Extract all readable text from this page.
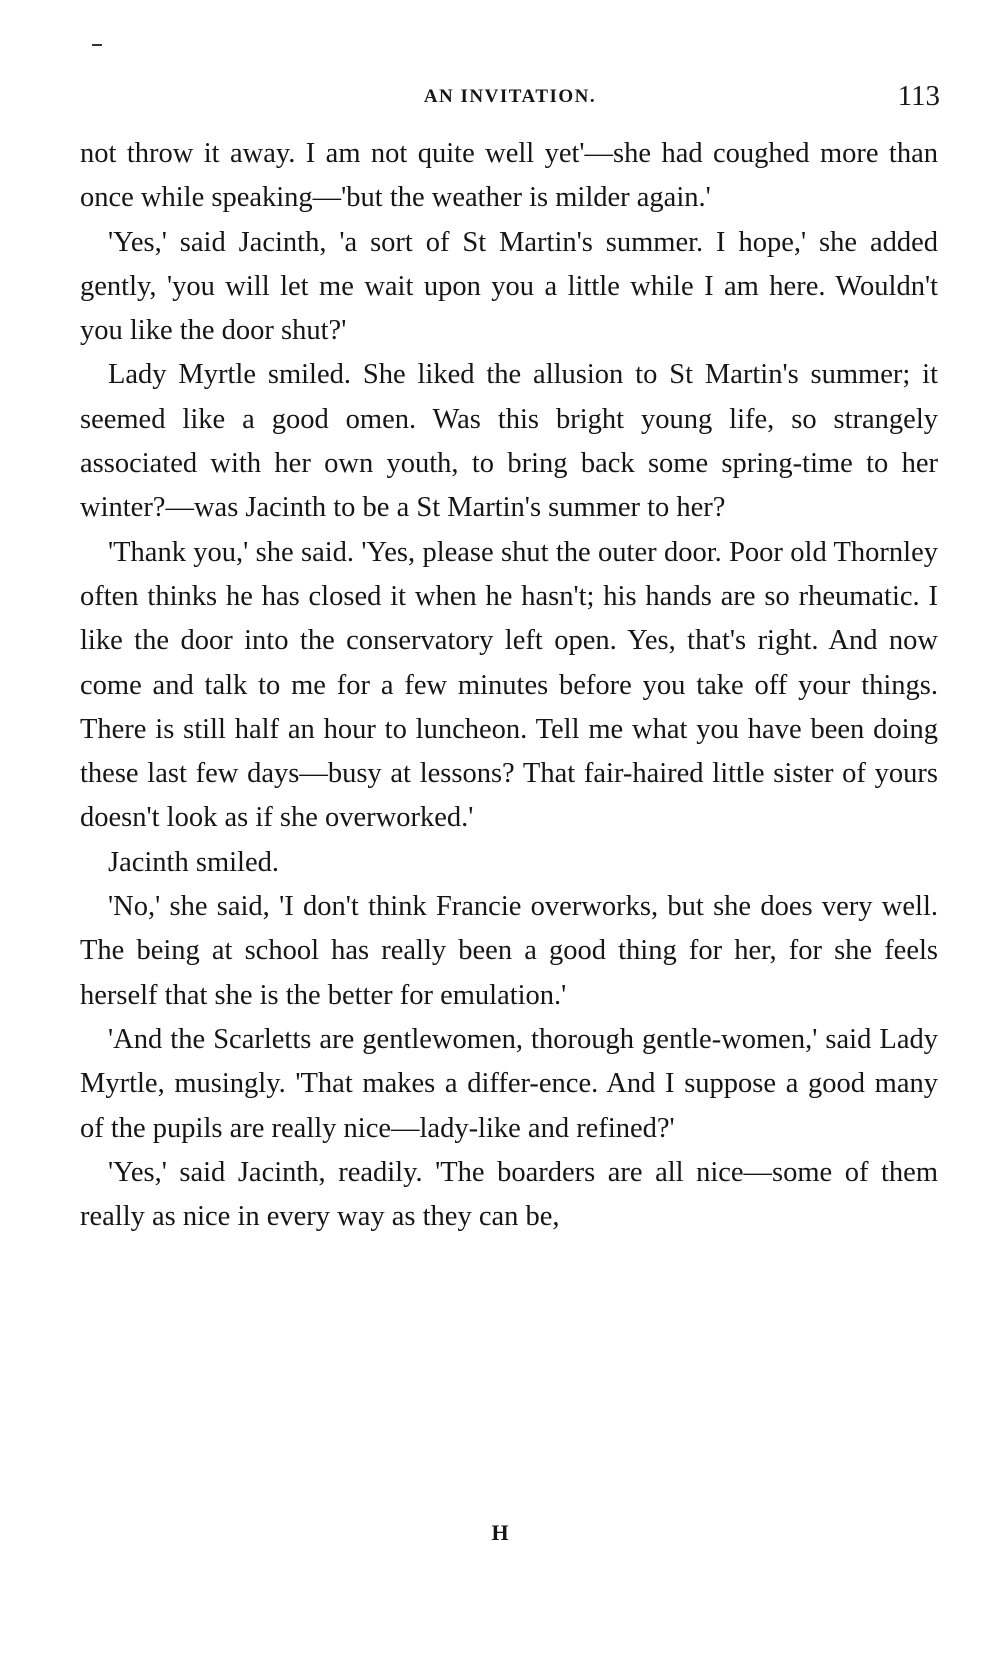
AN INVITATION.	113

not throw it away. I am not quite well yet'—she had coughed more than once while speaking—'but the weather is milder again.'

'Yes,' said Jacinth, 'a sort of St Martin's summer. I hope,' she added gently, 'you will let me wait upon you a little while I am here. Wouldn't you like the door shut?'

Lady Myrtle smiled. She liked the allusion to St Martin's summer; it seemed like a good omen. Was this bright young life, so strangely associated with her own youth, to bring back some spring-time to her winter?—was Jacinth to be a St Martin's summer to her?

'Thank you,' she said. 'Yes, please shut the outer door. Poor old Thornley often thinks he has closed it when he hasn't; his hands are so rheumatic. I like the door into the conservatory left open. Yes, that's right. And now come and talk to me for a few minutes before you take off your things. There is still half an hour to luncheon. Tell me what you have been doing these last few days—busy at lessons? That fair-haired little sister of yours doesn't look as if she overworked.'

Jacinth smiled.

'No,' she said, 'I don't think Francie overworks, but she does very well. The being at school has really been a good thing for her, for she feels herself that she is the better for emulation.'

'And the Scarletts are gentlewomen, thorough gentle-women,' said Lady Myrtle, musingly. 'That makes a differ-ence. And I suppose a good many of the pupils are really nice—lady-like and refined?'

'Yes,' said Jacinth, readily. 'The boarders are all nice—some of them really as nice in every way as they can be,

H
